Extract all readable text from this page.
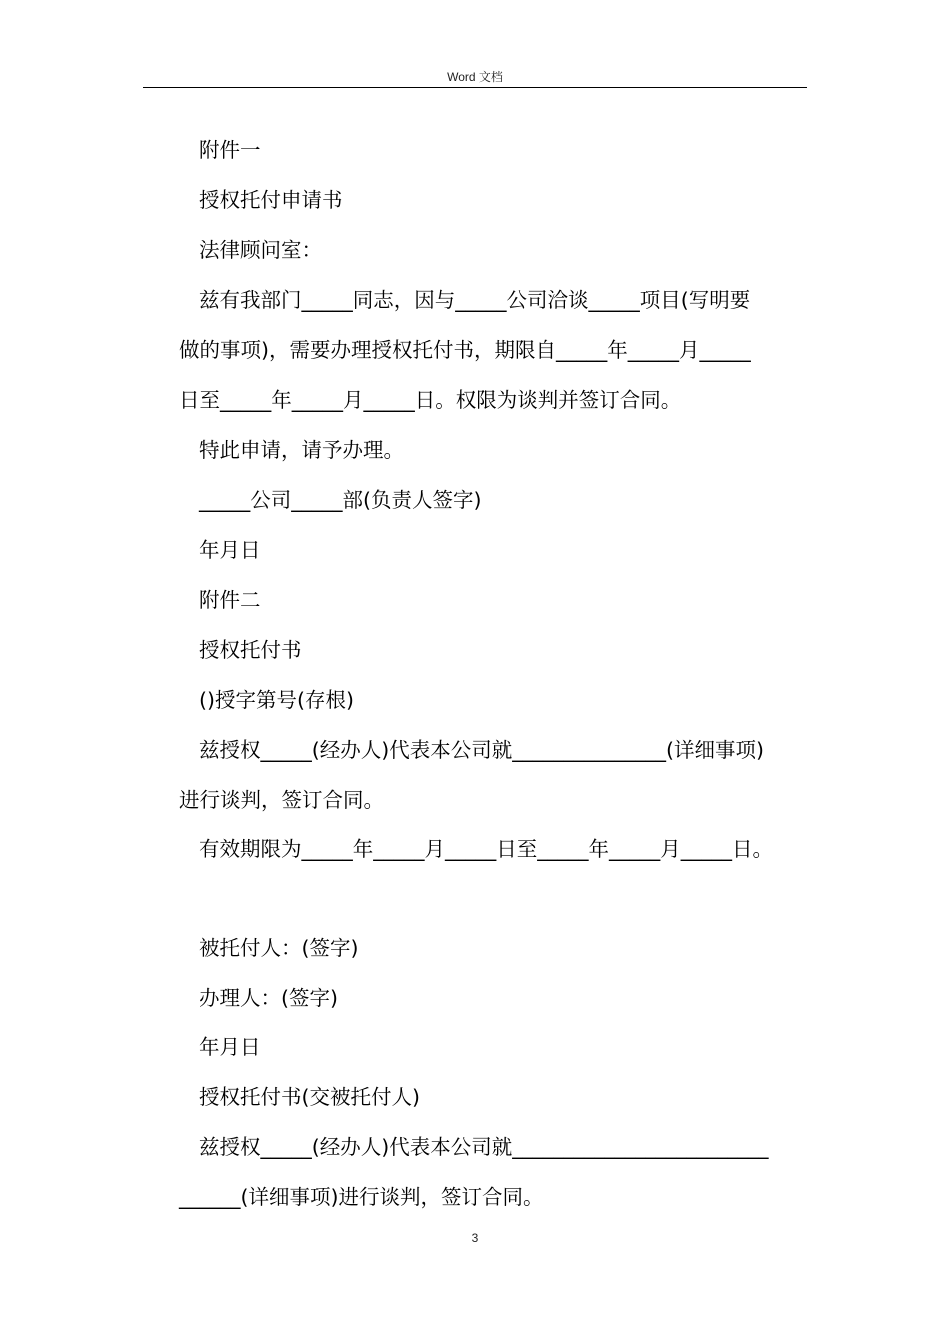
Word 文档
附件一
授权托付申请书
法律顾问室：
兹有我部门_____同志，因与_____公司洽谈_____项目(写明要
做的事项)，需要办理授权托付书，期限自_____年_____月_____
日至_____年_____月_____日。权限为谈判并签订合同。
特此申请，请予办理。
_____公司_____部(负责人签字)
年月日
附件二
授权托付书
()授字第号(存根)
兹授权_____(经办人)代表本公司就_______________(详细事项)
进行谈判，签订合同。
有效期限为_____年_____月_____日至_____年_____月_____日。
被托付人：(签字)
办理人：(签字)
年月日
授权托付书(交被托付人)
兹授权_____(经办人)代表本公司就_________________________
______(详细事项)进行谈判，签订合同。
3
